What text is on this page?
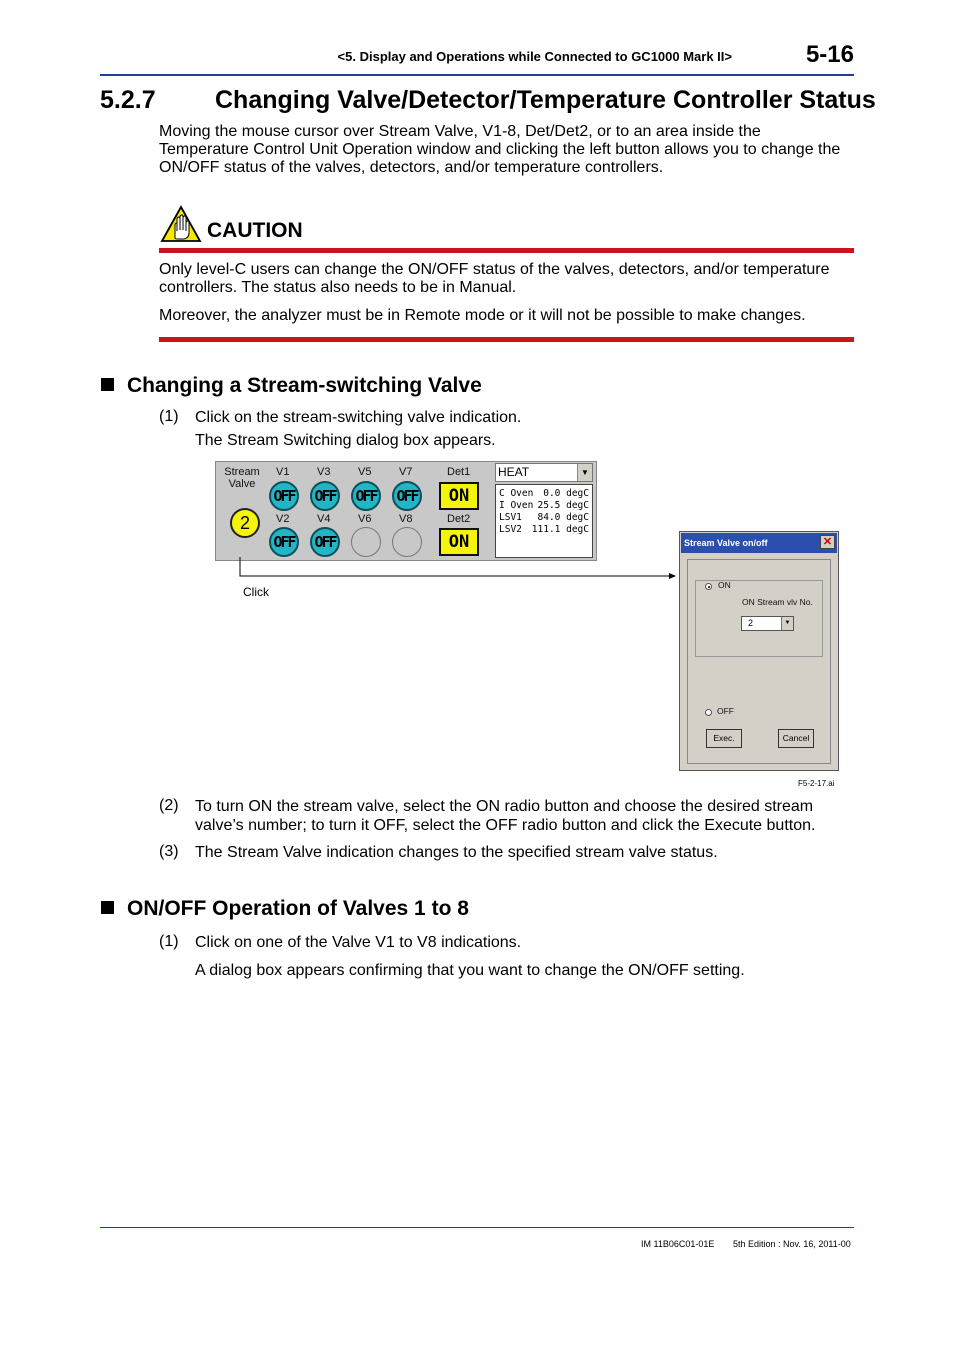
<5. Display and Operations while Connected to GC1000 Mark II>	5-16
5.2.7 Changing Valve/Detector/Temperature Controller Status
Moving the mouse cursor over Stream Valve, V1-8, Det/Det2, or to an area inside the
Temperature Control Unit Operation window and clicking the left button allows you to change the
ON/OFF status of the valves, detectors, and/or temperature controllers.
CAUTION
Only level-C users can change the ON/OFF status of the valves, detectors, and/or temperature
controllers. The status also needs to be in Manual.
Moreover, the analyzer must be in Remote mode or it will not be possible to make changes.
Changing a Stream-switching Valve
(1) Click on the stream-switching valve indication.
The Stream Switching dialog box appears.
Stream
Valve
2
V1	V3	V5	V7
OFF OFF OFF OFF
V2	V4	V6	V8
OFF OFF
Det1
ON
Det2
ON
HEAT	▼
C Oven 0.0 degC
I Oven 25.5 degC
LSV1 84.0 degC
LSV2 111.1 degC
Click
Stream Valve on/off	✕
ON
ON Stream vlv No.
2	▼
OFF
Exec.	Cancel
F5-2-17.ai
(2) To turn ON the stream valve, select the ON radio button and choose the desired stream
valve’s number; to turn it OFF, select the OFF radio button and click the Execute button.
(3) The Stream Valve indication changes to the specified stream valve status.
ON/OFF Operation of Valves 1 to 8
(1) Click on one of the Valve V1 to V8 indications.
A dialog box appears confirming that you want to change the ON/OFF setting.
IM 11B06C01-01E 5th Edition : Nov. 16, 2011-00
